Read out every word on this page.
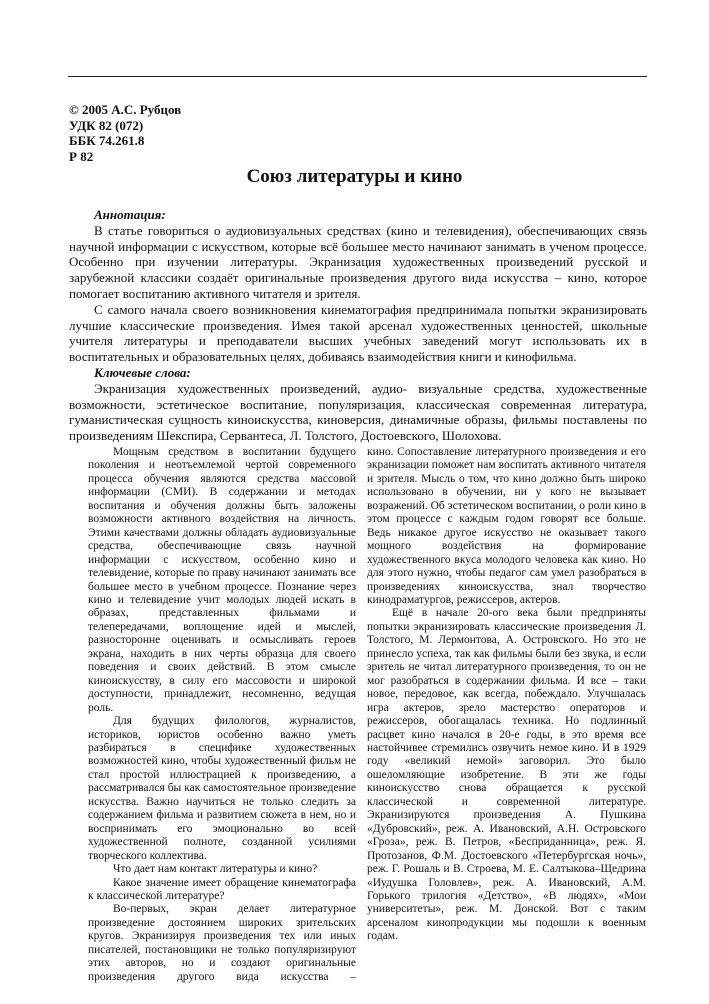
© 2005 А.С. Рубцов
УДК 82 (072)
ББК 74.261.8
Р 82
Союз литературы и кино

Аннотация:

В статье говориться о аудиовизуальных средствах (кино и телевидения), обеспечивающих связь научной информации с искусством, которые всё большее место начинают занимать в ученом процессе. Особенно при изучении литературы. Экранизация художественных произведений русской и зарубежной классики создаёт оригинальные произведения другого вида искусства – кино, которое помогает воспитанию активного читателя и зрителя.

С самого начала своего возникновения кинематография предпринимала попытки экранизировать лучшие классические произведения. Имея такой арсенал художественных ценностей, школьные учителя литературы и преподаватели высших учебных заведений могут использовать их в воспитательных и образовательных целях, добиваясь взаимодействия книги и кинофильма.

Ключевые слова:

Экранизация художественных произведений, аудио- визуальные средства, художественные возможности, эстетическое воспитание, популяризация, классическая современная литература, гуманистическая сущность киноискусства, киноверсия, динамичные образы, фильмы поставлены по произведениям Шекспира, Сервантеса, Л. Толстого, Достоевского, Шолохова.

Мощным средством в воспитании будущего поколения и неотъемлемой чертой современного процесса обучения являются средства массовой информации (СМИ). В содержании и методах воспитания и обучения должны быть заложены возможности активного воздействия на личность. Этими качествами должны обладать аудиовизуальные средства, обеспечивающие связь научной информации с искусством, особенно кино и телевидение, которые по праву начинают занимать все большее место в учебном процессе. Познание через кино и телевидение учит молодых людей искать в образах, представленных фильмами и телепередачами, воплощение идей и мыслей, разносторонне оценивать и осмысливать героев экрана, находить в них черты образца для своего поведения и своих действий. В этом смысле киноискусству, в силу его массовости и широкой доступности, принадлежит, несомненно, ведущая роль.

Для будущих филологов, журналистов, историков, юристов особенно важно уметь разбираться в специфике художественных возможностей кино, чтобы художественный фильм не стал простой иллюстрацией к произведению, а рассматривался бы как самостоятельное произведение искусства. Важно научиться не только следить за содержанием фильма и развитием сюжета в нем, но и воспринимать его эмоционально во всей художественной полноте, созданной усилиями творческого коллектива.

Что дает нам контакт литературы и кино?

Какое значение имеет обращение кинематографа к классической литературе?

Во-первых, экран делает литературное произведение достоянием широких зрительских кругов. Экранизируя произведения тех или иных писателей, постановщики не только популяризируют этих авторов, но и создают оригинальные произведения другого вида искусства –

кино. Сопоставление литературного произведения и его экранизации поможет нам воспитать активного читателя и зрителя. Мысль о том, что кино должно быть широко использовано в обучении, ни у кого не вызывает возражений. Об эстетическом воспитании, о роли кино в этом процессе с каждым годом говорят все больше. Ведь никакое другое искусство не оказывает такого мощного воздействия на формирование художественного вкуса молодого человека как кино. Но для этого нужно, чтобы педагог сам умел разобраться в произведениях киноискусства, знал творчество кинодраматургов, режиссеров, актеров.

Ещё в начале 20-ого века были предприняты попытки экранизировать классические произведения Л. Толстого, М. Лермонтова, А. Островского. Но это не принесло успеха, так как фильмы были без звука, и если зритель не читал литературного произведения, то он не мог разобраться в содержании фильма. И все – таки новое, передовое, как всегда, побеждало. Улучшалась игра актеров, зрело мастерство операторов и режиссеров, обогащалась техника. Но подлинный расцвет кино начался в 20-е годы, в это время все настойчивее стремились озвучить немое кино. И в 1929 году «великий немой» заговорил. Это было ошеломляющие изобретение. В эти же годы киноискусство снова обращается к русской классической и современной литературе. Экранизируются произведения А. Пушкина «Дубровский», реж. А. Ивановский, А.Н. Островского «Гроза», реж. В. Петров, «Бесприданница», реж. Я. Протозанов, Ф.М. Достоевского «Петербургская ночь», реж. Г. Рошаль и В. Строева, М. Е. Салтыкова–Щедрина «Иудушка Головлев», реж. А. Ивановский, А.М. Горького трилогия «Детство», «В людях», «Мои университеты», реж. М. Донской. Вот с таким арсеналом кинопродукции мы подошли к военным годам.
